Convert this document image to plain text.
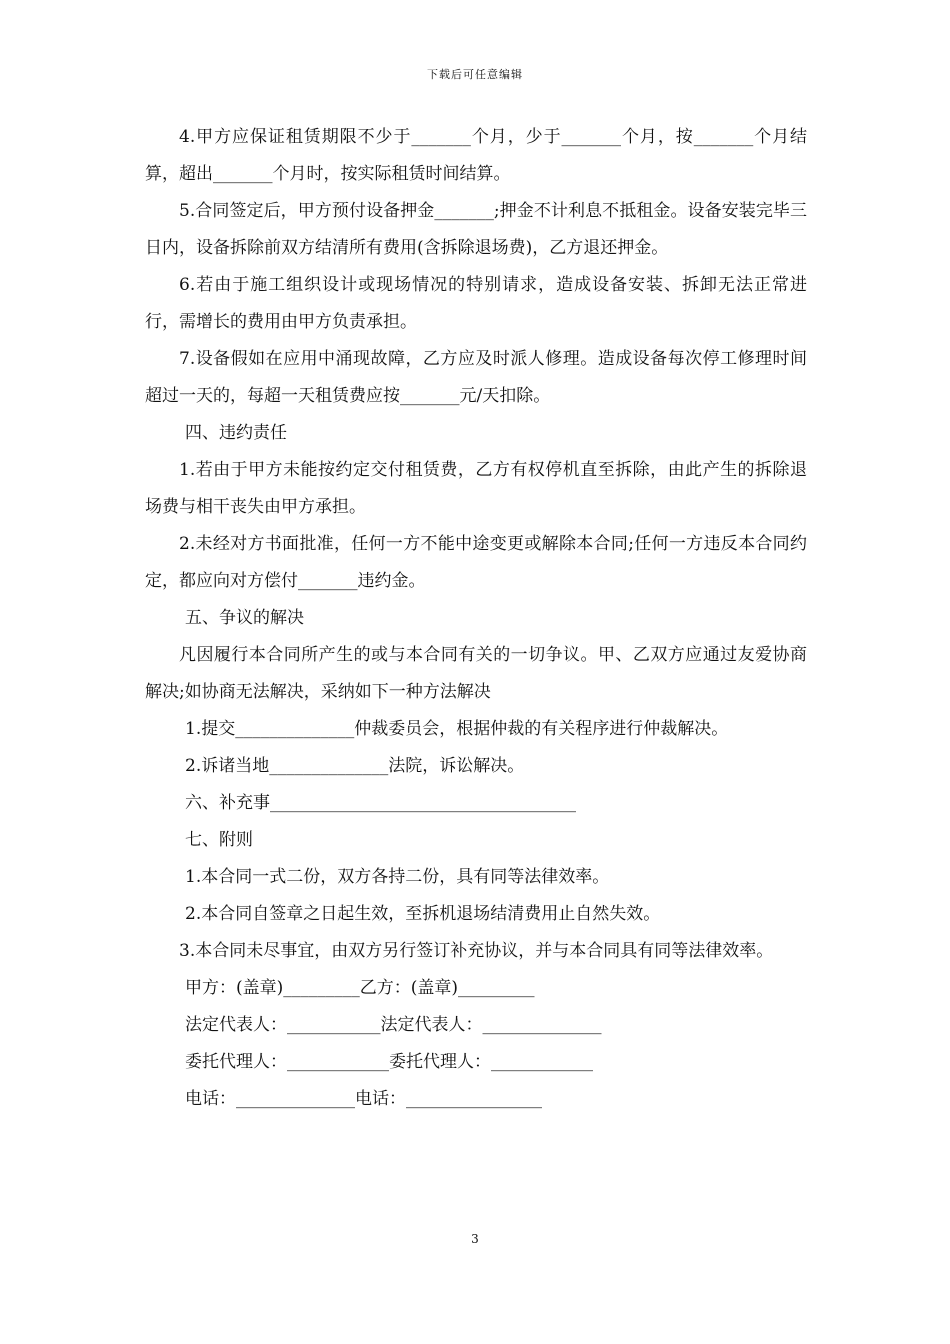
下载后可任意编辑

4.甲方应保证租赁期限不少于_______个月，少于_______个月，按_______个月结算，超出_______个月时，按实际租赁时间结算。

5.合同签定后，甲方预付设备押金_______;押金不计利息不抵租金。设备安装完毕三日内，设备拆除前双方结清所有费用(含拆除退场费)，乙方退还押金。

6.若由于施工组织设计或现场情况的特别请求，造成设备安装、拆卸无法正常进行，需增长的费用由甲方负责承担。

7.设备假如在应用中涌现故障，乙方应及时派人修理。造成设备每次停工修理时间超过一天的，每超一天租赁费应按_______元/天扣除。

四、违约责任

1.若由于甲方未能按约定交付租赁费，乙方有权停机直至拆除，由此产生的拆除退场费与相干丧失由甲方承担。

2.未经对方书面批准，任何一方不能中途变更或解除本合同;任何一方违反本合同约定，都应向对方偿付_______违约金。

五、争议的解决

凡因履行本合同所产生的或与本合同有关的一切争议。甲、乙双方应通过友爱协商解决;如协商无法解决，采纳如下一种方法解决

1.提交______________仲裁委员会，根据仲裁的有关程序进行仲裁解决。

2.诉诸当地______________法院，诉讼解决。

六、补充事____________________________________

七、附则

1.本合同一式二份，双方各持二份，具有同等法律效率。

2.本合同自签章之日起生效，至拆机退场结清费用止自然失效。

3.本合同未尽事宜，由双方另行签订补充协议，并与本合同具有同等法律效率。

甲方：(盖章)_________乙方：(盖章)_________

法定代表人：___________法定代表人：______________

委托代理人：____________委托代理人：____________

电话：______________电话：________________

3
